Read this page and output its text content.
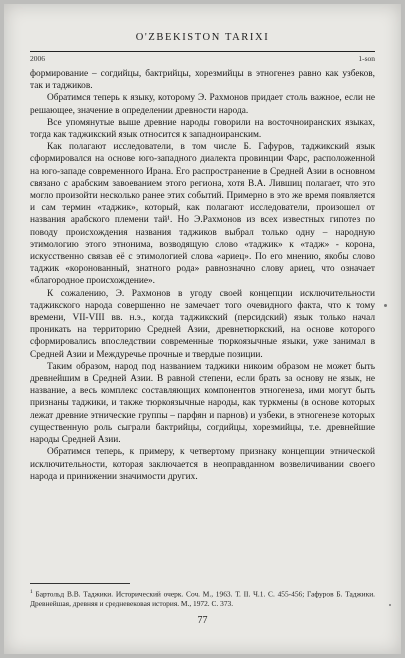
O'ZBEKISTON TARIXI
2006	1-son

формирование – согдийцы, бактрийцы, хорезмийцы в этногенез равно как узбеков, так и таджиков.

Обратимся теперь к языку, которому Э. Рахмонов придает столь важное, если не решающее, значение в определении древности народа.

Все упомянутые выше древние народы говорили на восточноиранских языках, тогда как таджикский язык относится к западноиранским.

Как полагают исследователи, в том числе Б. Гафуров, таджикский язык сформировался на основе юго-западного диалекта провинции Фарс, расположенной на юго-западе современного Ирана. Его распространение в Средней Азии в основном связано с арабским завоеванием этого региона, хотя В.А. Лившиц полагает, что это могло произойти несколько ранее этих событий. Примерно в это же время появляется и сам термин «таджик», который, как полагают исследователи, произошел от названия арабского племени тай¹. Но Э.Рахмонов из всех известных гипотез по поводу происхождения названия таджиков выбрал только одну – народную этимологию этого этнонима, возводящую слово «таджик» к «тадж» - корона, искусственно связав её с этимологией слова «ариец». По его мнению, якобы слово таджик «коронованный, знатного рода» равнозначно слову ариец, что означает «благородное происхождение».

К сожалению, Э. Рахмонов в угоду своей концепции исключительности таджикского народа совершенно не замечает того очевидного факта, что к тому времени, VII-VIII вв. н.э., когда таджикский (персидский) язык только начал проникать на территорию Средней Азии, древнетюркский, на основе которого сформировались впоследствии современные тюркоязычные языки, уже занимал в Средней Азии и Междуречье прочные и твердые позиции.

Таким образом, народ под названием таджики никоим образом не может быть древнейшим в Средней Азии. В равной степени, если брать за основу не язык, не название, а весь комплекс составляющих компонентов этногенеза, ими могут быть признаны таджики, и также тюркоязычные народы, как туркмены (в основе которых лежат древние этнические группы – парфян и парнов) и узбеки, в этногенезе которых существенную роль сыграли бактрийцы, согдийцы, хорезмийцы, т.е. древнейшие народы Средней Азии.

Обратимся теперь, к примеру, к четвертому признаку концепции этнической исключительности, которая заключается в неоправданном возвеличивании своего народа и принижении значимости других.

$^1$ Бартольд В.В. Таджики. Исторический очерк. Соч. М., 1963. Т. II. Ч.1. С. 455-456; Гафуров Б. Таджики. Древнейшая, древняя и средневековая история. М., 1972. С. 373.
77
